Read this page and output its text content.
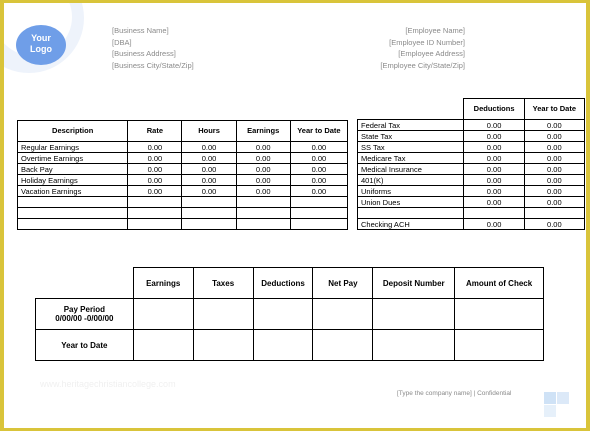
Your
Logo
[Business Name]
[DBA]
[Business Address]
[Business City/State/Zip]
[Employee Name]
[Employee ID Number]
[Employee Address]
[Employee City/State/Zip]
Description	Rate	Hours	Earnings	Year to Date
Regular Earnings	0.00	0.00	0.00	0.00
Overtime Earnings	0.00	0.00	0.00	0.00
Back Pay	0.00	0.00	0.00	0.00
Holiday Earnings	0.00	0.00	0.00	0.00
Vacation Earnings	0.00	0.00	0.00	0.00

	Deductions	Year to Date
Federal Tax	0.00	0.00
State Tax	0.00	0.00
SS Tax	0.00	0.00
Medicare Tax	0.00	0.00
Medical Insurance	0.00	0.00
401(K)	0.00	0.00
Uniforms	0.00	0.00
Union Dues	0.00	0.00

Checking ACH	0.00	0.00
	Earnings	Taxes	Deductions	Net Pay	Deposit Number	Amount of Check

Pay Period
0/00/00 -0/00/00						

Year to Date						
www.heritagechristiancollege.com
[Type the company name] | Confidential
